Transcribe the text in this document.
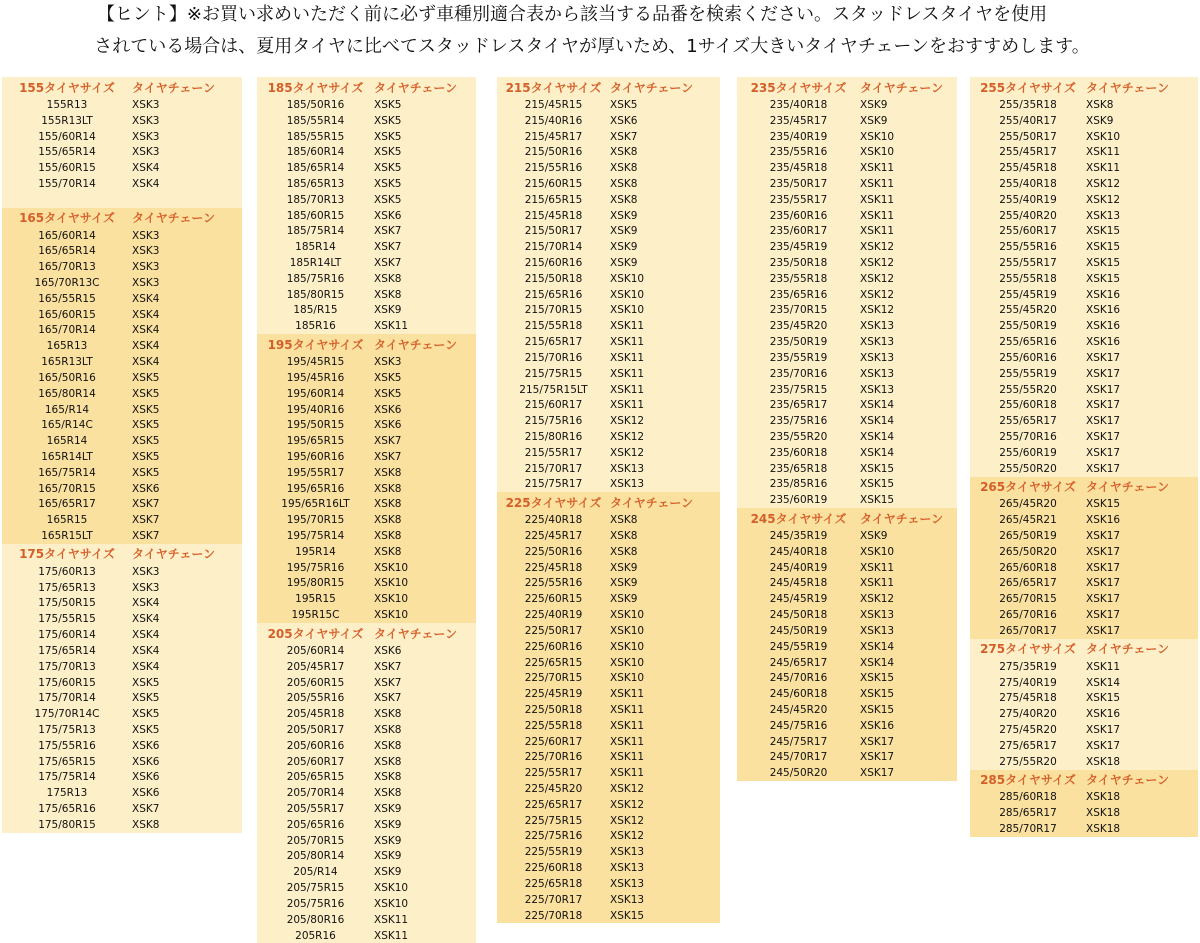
【ヒント】※お買い求めいただく前に必ず車種別適合表から該当する品番を検索ください。スタッドレスタイヤを使用
されている場合は、夏用タイヤに比べてスタッドレスタイヤが厚いため、1サイズ大きいタイヤチェーンをおすすめします。
155タイヤサイズ	タイヤチェーン
155R13	XSK3
155R13LT	XSK3
155/60R14	XSK3
155/65R14	XSK3
155/60R15	XSK4
155/70R14	XSK4
165タイヤサイズ	タイヤチェーン
165/60R14	XSK3
165/65R14	XSK3
165/70R13	XSK3
165/70R13C	XSK3
165/55R15	XSK4
165/60R15	XSK4
165/70R14	XSK4
165R13	XSK4
165R13LT	XSK4
165/50R16	XSK5
165/80R14	XSK5
165/R14	XSK5
165/R14C	XSK5
165R14	XSK5
165R14LT	XSK5
165/75R14	XSK5
165/70R15	XSK6
165/65R17	XSK7
165R15	XSK7
165R15LT	XSK7
175タイヤサイズ	タイヤチェーン
175/60R13	XSK3
175/65R13	XSK3
175/50R15	XSK4
175/55R15	XSK4
175/60R14	XSK4
175/65R14	XSK4
175/70R13	XSK4
175/60R15	XSK5
175/70R14	XSK5
175/70R14C	XSK5
175/75R13	XSK5
175/55R16	XSK6
175/65R15	XSK6
175/75R14	XSK6
175R13	XSK6
175/65R16	XSK7
175/80R15	XSK8
185タイヤサイズ タイヤチェーン
185/50R16	XSK5
185/55R14	XSK5
185/55R15	XSK5
185/60R14	XSK5
185/65R14	XSK5
185/65R13	XSK5
185/70R13	XSK5
185/60R15	XSK6
185/75R14	XSK7
185R14	XSK7
185R14LT	XSK7
185/75R16	XSK8
185/80R15	XSK8
185/R15	XSK9
185R16	XSK11
195タイヤサイズ タイヤチェーン
195/45R15	XSK3
195/45R16	XSK5
195/60R14	XSK5
195/40R16	XSK6
195/50R15	XSK6
195/65R15	XSK7
195/60R16	XSK7
195/55R17	XSK8
195/65R16	XSK8
195/65R16LT	XSK8
195/70R15	XSK8
195/75R14	XSK8
195R14	XSK8
195/75R16	XSK10
195/80R15	XSK10
195R15	XSK10
195R15C	XSK10
205タイヤサイズ タイヤチェーン
205/60R14	XSK6
205/45R17	XSK7
205/60R15	XSK7
205/55R16	XSK7
205/45R18	XSK8
205/50R17	XSK8
205/60R16	XSK8
205/60R17	XSK8
205/65R15	XSK8
205/70R14	XSK8
205/55R17	XSK9
205/65R16	XSK9
205/70R15	XSK9
205/80R14	XSK9
205/R14	XSK9
205/75R15	XSK10
205/75R16	XSK10
205/80R16	XSK11
205R16	XSK11
215タイヤサイズ タイヤチェーン
215/45R15	XSK5
215/40R16	XSK6
215/45R17	XSK7
215/50R16	XSK8
215/55R16	XSK8
215/60R15	XSK8
215/65R15	XSK8
215/45R18	XSK9
215/50R17	XSK9
215/70R14	XSK9
215/60R16	XSK9
215/50R18	XSK10
215/65R16	XSK10
215/70R15	XSK10
215/55R18	XSK11
215/65R17	XSK11
215/70R16	XSK11
215/75R15	XSK11
215/75R15LT	XSK11
215/60R17	XSK11
215/75R16	XSK12
215/80R16	XSK12
215/55R17	XSK12
215/70R17	XSK13
215/75R17	XSK13
225タイヤサイズ タイヤチェーン
225/40R18	XSK8
225/45R17	XSK8
225/50R16	XSK8
225/45R18	XSK9
225/55R16	XSK9
225/60R15	XSK9
225/40R19	XSK10
225/50R17	XSK10
225/60R16	XSK10
225/65R15	XSK10
225/70R15	XSK10
225/45R19	XSK11
225/50R18	XSK11
225/55R18	XSK11
225/60R17	XSK11
225/70R16	XSK11
225/55R17	XSK11
225/45R20	XSK12
225/65R17	XSK12
225/75R15	XSK12
225/75R16	XSK12
225/55R19	XSK13
225/60R18	XSK13
225/65R18	XSK13
225/70R17	XSK13
225/70R18	XSK15
235タイヤサイズ	タイヤチェーン
235/40R18	XSK9
235/45R17	XSK9
235/40R19	XSK10
235/55R16	XSK10
235/45R18	XSK11
235/50R17	XSK11
235/55R17	XSK11
235/60R16	XSK11
235/60R17	XSK11
235/45R19	XSK12
235/50R18	XSK12
235/55R18	XSK12
235/65R16	XSK12
235/70R15	XSK12
235/45R20	XSK13
235/50R19	XSK13
235/55R19	XSK13
235/70R16	XSK13
235/75R15	XSK13
235/65R17	XSK14
235/75R16	XSK14
235/55R20	XSK14
235/60R18	XSK14
235/65R18	XSK15
235/85R16	XSK15
235/60R19	XSK15
245タイヤサイズ	タイヤチェーン
245/35R19	XSK9
245/40R18	XSK10
245/40R19	XSK11
245/45R18	XSK11
245/45R19	XSK12
245/50R18	XSK13
245/50R19	XSK13
245/55R19	XSK14
245/65R17	XSK14
245/70R16	XSK15
245/60R18	XSK15
245/45R20	XSK15
245/75R16	XSK16
245/75R17	XSK17
245/70R17	XSK17
245/50R20	XSK17
255タイヤサイズ タイヤチェーン
255/35R18	XSK8
255/40R17	XSK9
255/50R17	XSK10
255/45R17	XSK11
255/45R18	XSK11
255/40R18	XSK12
255/40R19	XSK12
255/40R20	XSK13
255/60R17	XSK15
255/55R16	XSK15
255/55R17	XSK15
255/55R18	XSK15
255/45R19	XSK16
255/45R20	XSK16
255/50R19	XSK16
255/65R16	XSK16
255/60R16	XSK17
255/55R19	XSK17
255/55R20	XSK17
255/60R18	XSK17
255/65R17	XSK17
255/70R16	XSK17
255/60R19	XSK17
255/50R20	XSK17
265タイヤサイズ タイヤチェーン
265/45R20	XSK15
265/45R21	XSK16
265/50R19	XSK17
265/50R20	XSK17
265/60R18	XSK17
265/65R17	XSK17
265/70R15	XSK17
265/70R16	XSK17
265/70R17	XSK17
275タイヤサイズ タイヤチェーン
275/35R19	XSK11
275/40R19	XSK14
275/45R18	XSK15
275/40R20	XSK16
275/45R20	XSK17
275/65R17	XSK17
275/55R20	XSK18
285タイヤサイズ タイヤチェーン
285/60R18	XSK18
285/65R17	XSK18
285/70R17	XSK18
